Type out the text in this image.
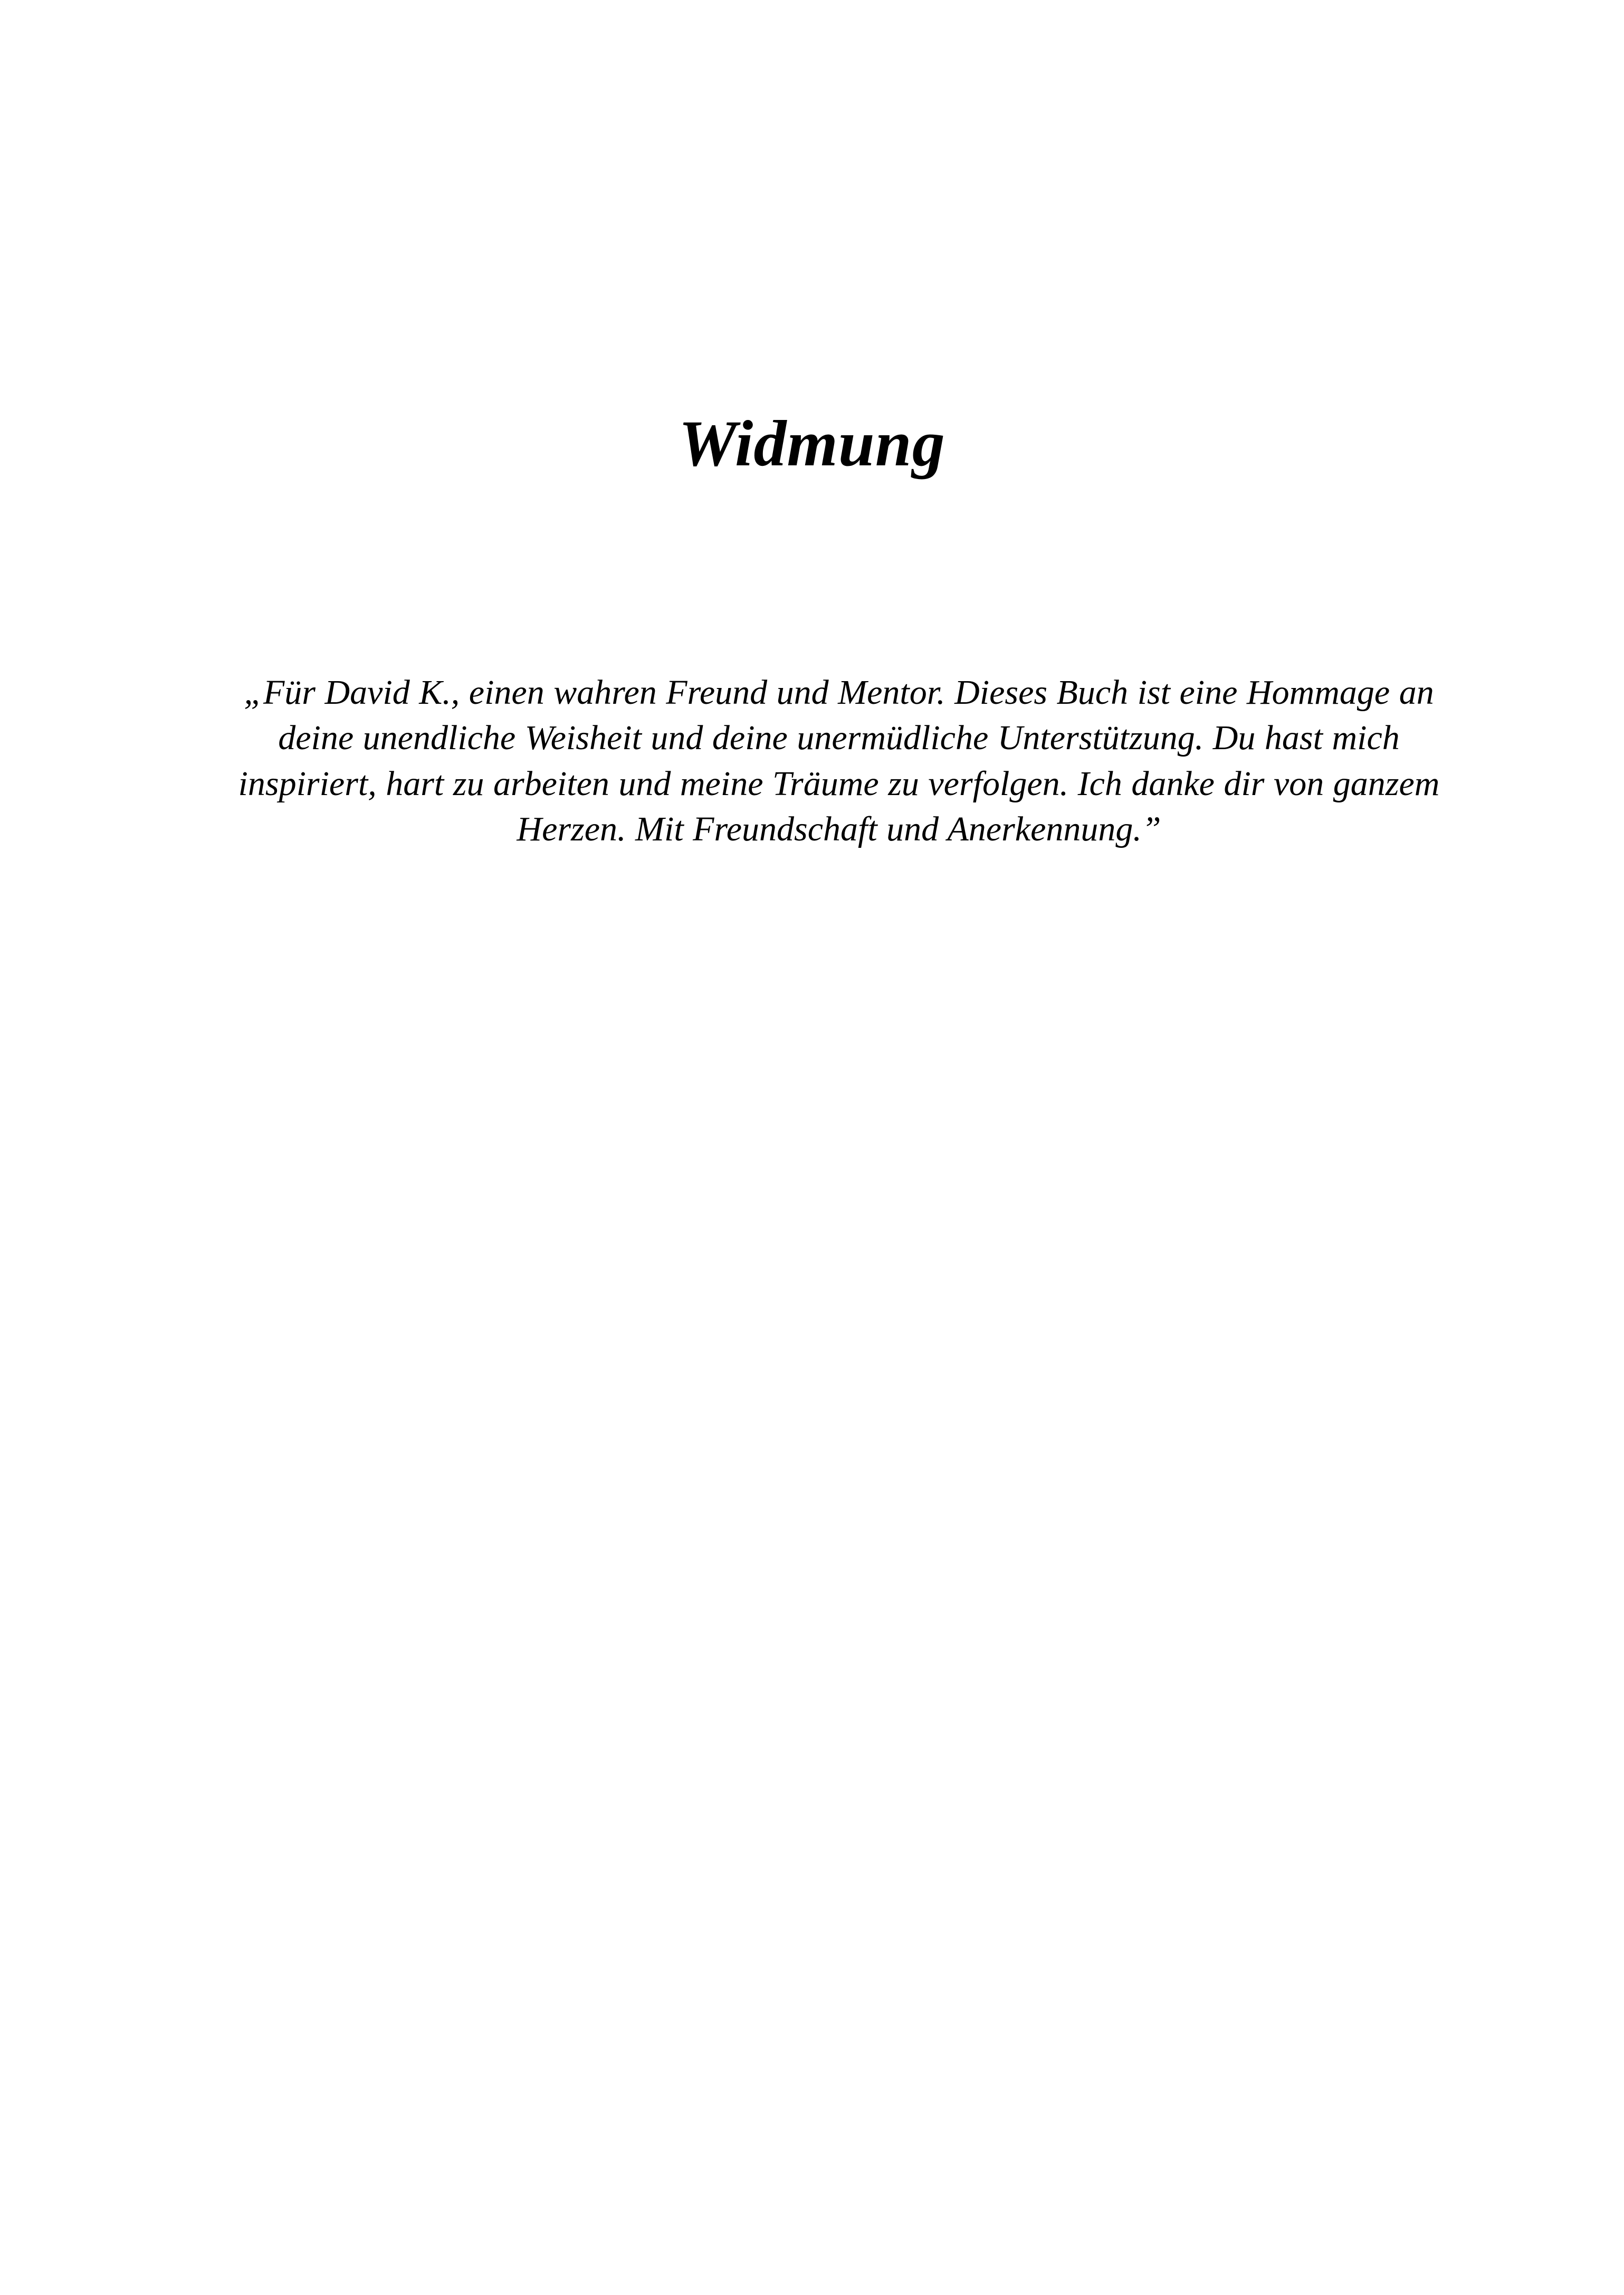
Widmung

„Für David K., einen wahren Freund und Mentor. Dieses Buch ist eine Hommage an deine unendliche Weisheit und deine unermüdliche Unterstützung. Du hast mich inspiriert, hart zu arbeiten und meine Träume zu verfolgen. Ich danke dir von ganzem Herzen. Mit Freundschaft und Anerkennung.”
